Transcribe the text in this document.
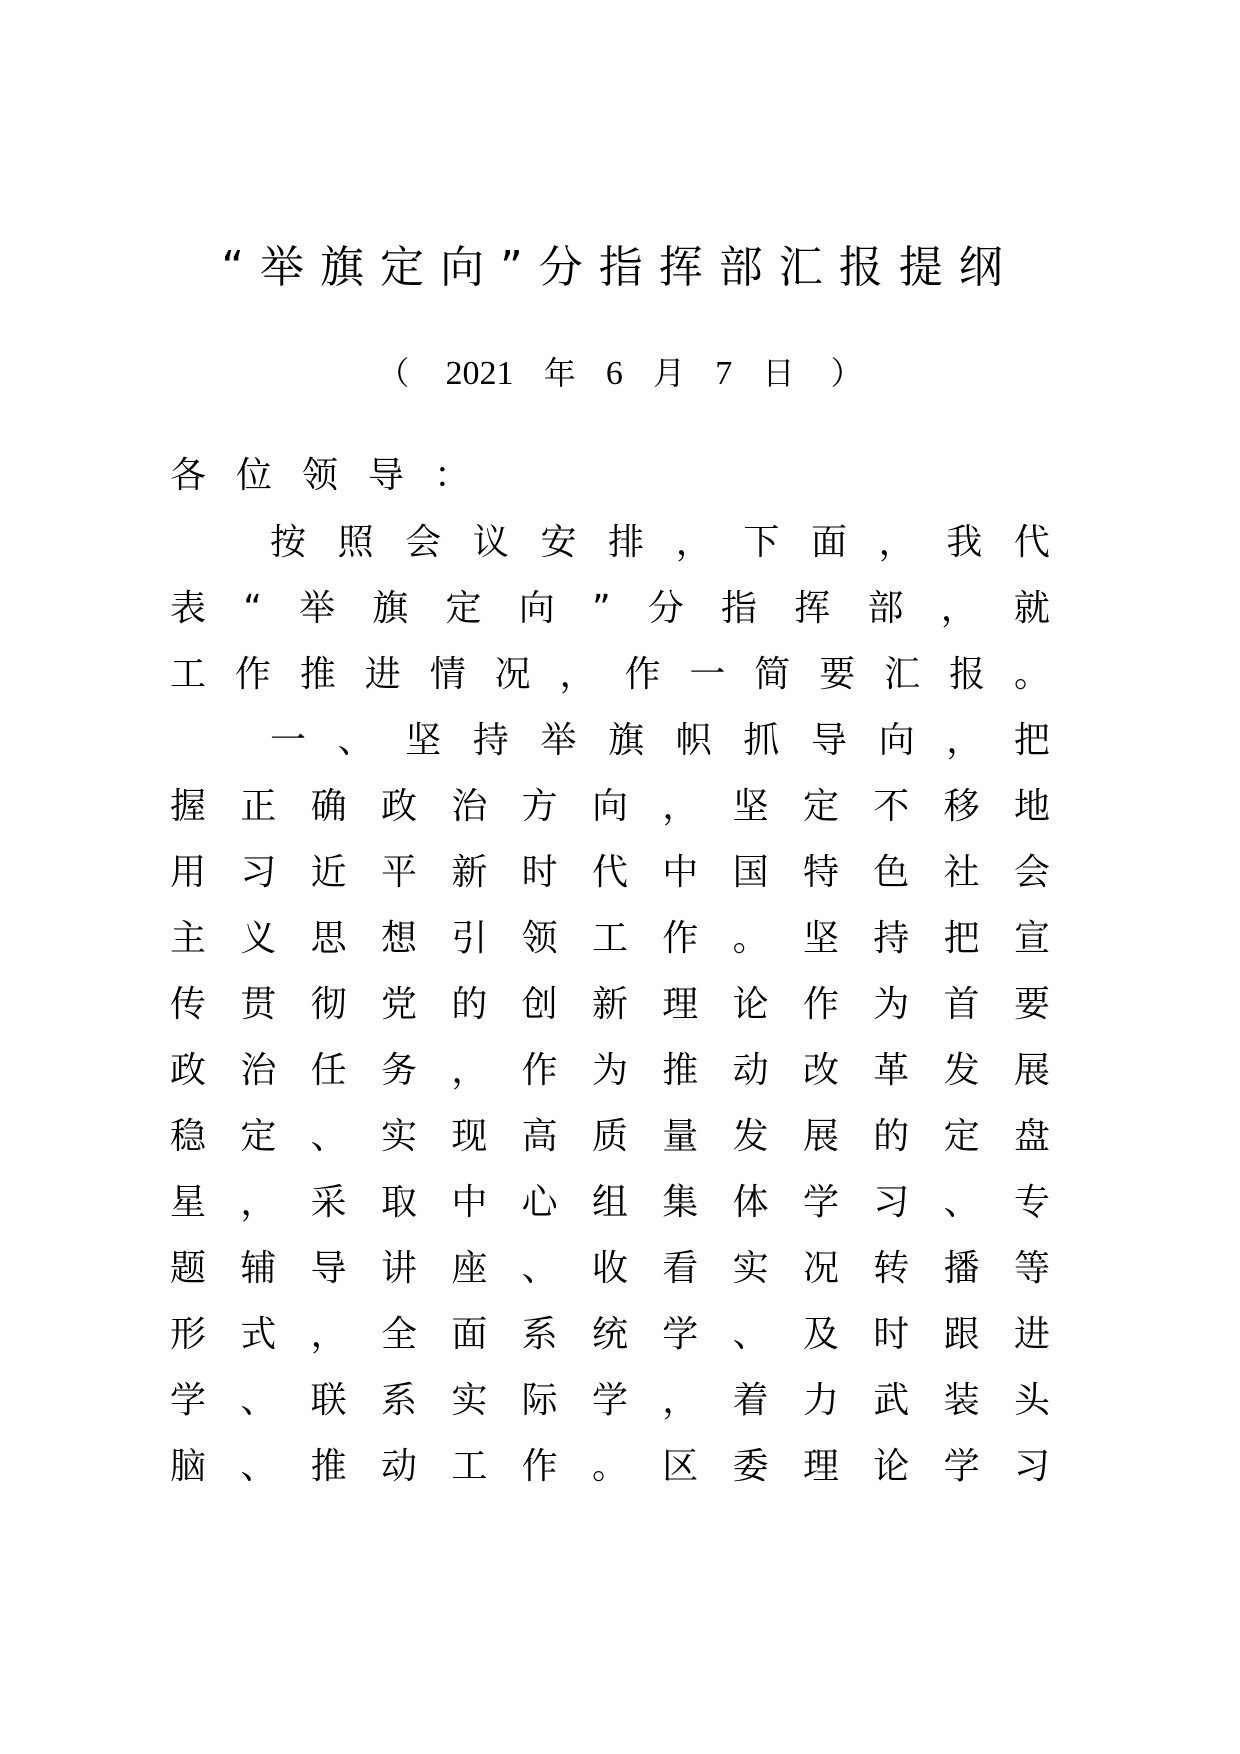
“举旗定向”分指挥部汇报提纲
（ 2021 年 6 月 7 日 ）
各位领导：
按 照 会 议 安 排 ， 下 面 ， 我 代
表 “ 举 旗 定 向 ” 分 指 挥 部 ， 就
工 作 推 进 情 况 ， 作 一 简 要 汇 报 。
一 、 坚 持 举 旗 帜 抓 导 向 ， 把
握 正 确 政 治 方 向 ， 坚 定 不 移 地
用 习 近 平 新 时 代 中 国 特 色 社 会
主 义 思 想 引 领 工 作 。 坚 持 把 宣
传 贯 彻 党 的 创 新 理 论 作 为 首 要
政 治 任 务 ， 作 为 推 动 改 革 发 展
稳 定 、 实 现 高 质 量 发 展 的 定 盘
星 ， 采 取 中 心 组 集 体 学 习 、 专
题 辅 导 讲 座 、 收 看 实 况 转 播 等
形 式 ， 全 面 系 统 学 、 及 时 跟 进
学 、 联 系 实 际 学 ， 着 力 武 装 头
脑 、 推 动 工 作 。 区 委 理 论 学 习
